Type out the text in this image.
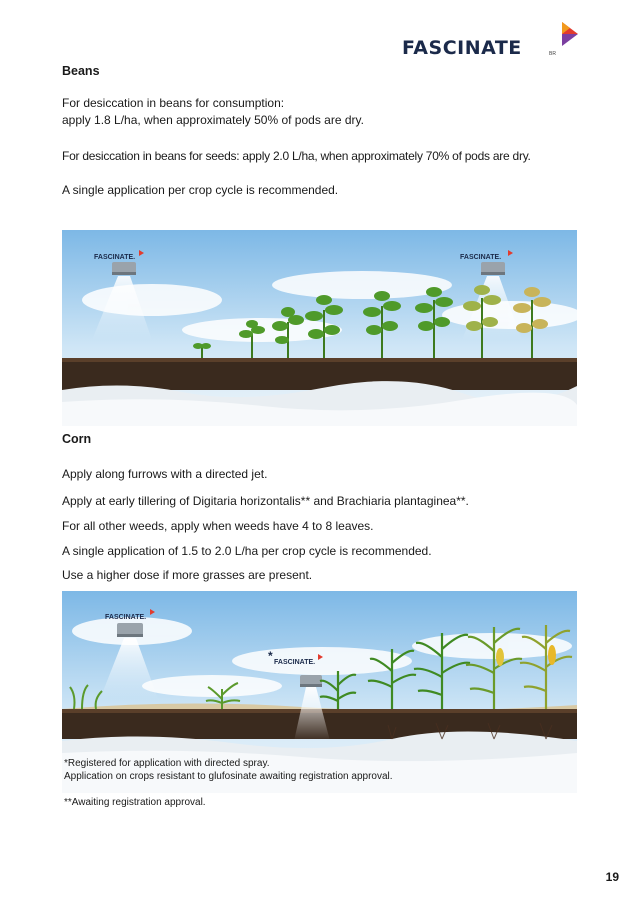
FASCINATE	BR
Beans
For desiccation in beans for consumption:
apply 1.8 L/ha, when approximately 50% of pods are dry.
For desiccation in beans for seeds: apply 2.0 L/ha, when approximately 70% of pods are dry.
A single application per crop cycle is recommended.
FASCINATE.	FASCINATE.
Corn
Apply along furrows with a directed jet.
Apply at early tillering of Digitaria horizontalis** and Brachiaria plantaginea**.
For all other weeds, apply when weeds have 4 to 8 leaves.
A single application of 1.5 to 2.0 L/ha per crop cycle is recommended.
Use a higher dose if more grasses are present.
FASCINATE.
* FASCINATE.
*Registered for application with directed spray.
Application on crops resistant to glufosinate awaiting registration approval.
**Awaiting registration approval.
19
